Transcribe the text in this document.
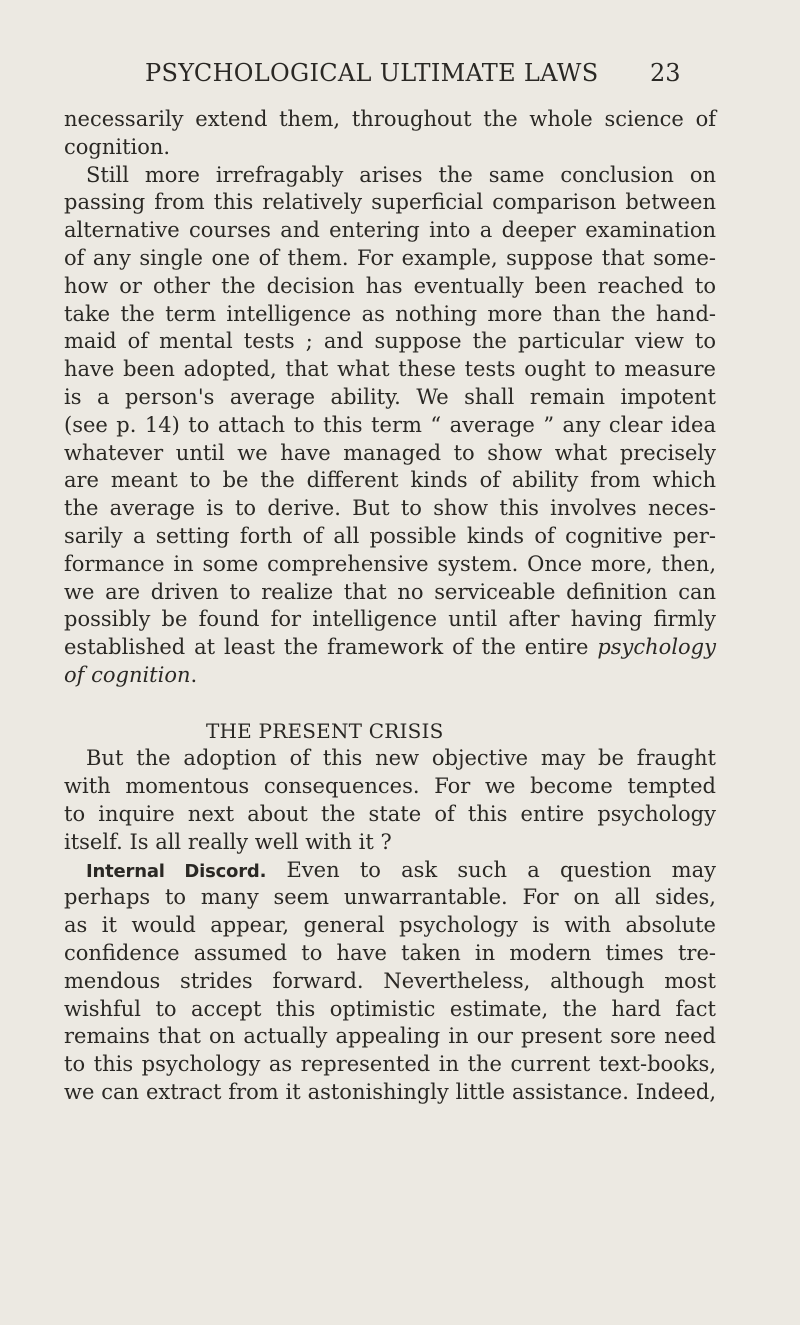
PSYCHOLOGICAL ULTIMATE LAWS 23
necessarily extend them, throughout the whole science of
cognition.
Still more irrefragably arises the same conclusion on
passing from this relatively superficial comparison between
alternative courses and entering into a deeper examination
of any single one of them. For example, suppose that some-
how or other the decision has eventually been reached to
take the term intelligence as nothing more than the hand-
maid of mental tests ; and suppose the particular view to
have been adopted, that what these tests ought to measure
is a person's average ability. We shall remain impotent
(see p. 14) to attach to this term “ average ” any clear idea
whatever until we have managed to show what precisely
are meant to be the different kinds of ability from which
the average is to derive. But to show this involves neces-
sarily a setting forth of all possible kinds of cognitive per-
formance in some comprehensive system. Once more, then,
we are driven to realize that no serviceable definition can
possibly be found for intelligence until after having firmly
established at least the framework of the entire psychology
of cognition.
THE PRESENT CRISIS
But the adoption of this new objective may be fraught
with momentous consequences. For we become tempted
to inquire next about the state of this entire psychology
itself. Is all really well with it ?
Internal Discord. Even to ask such a question may
perhaps to many seem unwarrantable. For on all sides,
as it would appear, general psychology is with absolute
confidence assumed to have taken in modern times tre-
mendous strides forward. Nevertheless, although most
wishful to accept this optimistic estimate, the hard fact
remains that on actually appealing in our present sore need
to this psychology as represented in the current text-books,
we can extract from it astonishingly little assistance. Indeed,
